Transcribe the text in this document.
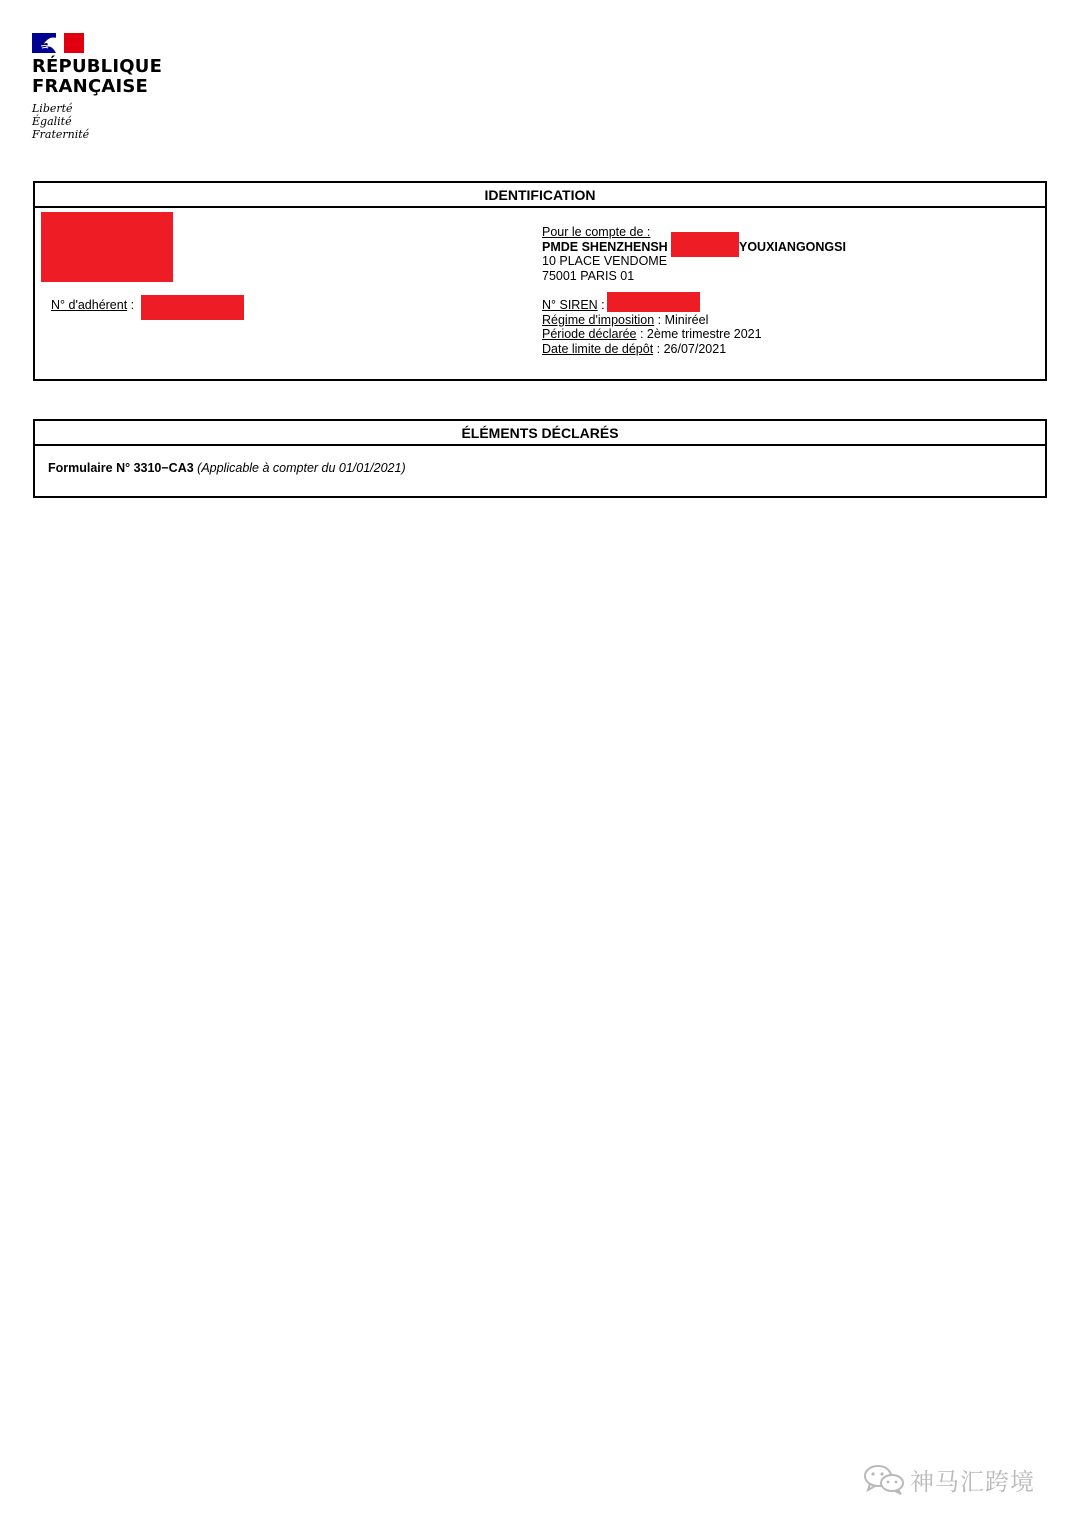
RÉPUBLIQUE
FRANÇAISE
Liberté
Égalité
Fraternité
IDENTIFICATION
N° d'adhérent :
Pour le compte de :
PMDE SHENZHENSH	YOUXIANGONGSI
10 PLACE VENDOME
75001 PARIS 01
N° SIREN :
Régime d'imposition : Miniréel
Période déclarée : 2ème trimestre 2021
Date limite de dépôt : 26/07/2021
ÉLÉMENTS DÉCLARÉS
Formulaire N° 3310−CA3 (Applicable à compter du 01/01/2021)
神马汇跨境
